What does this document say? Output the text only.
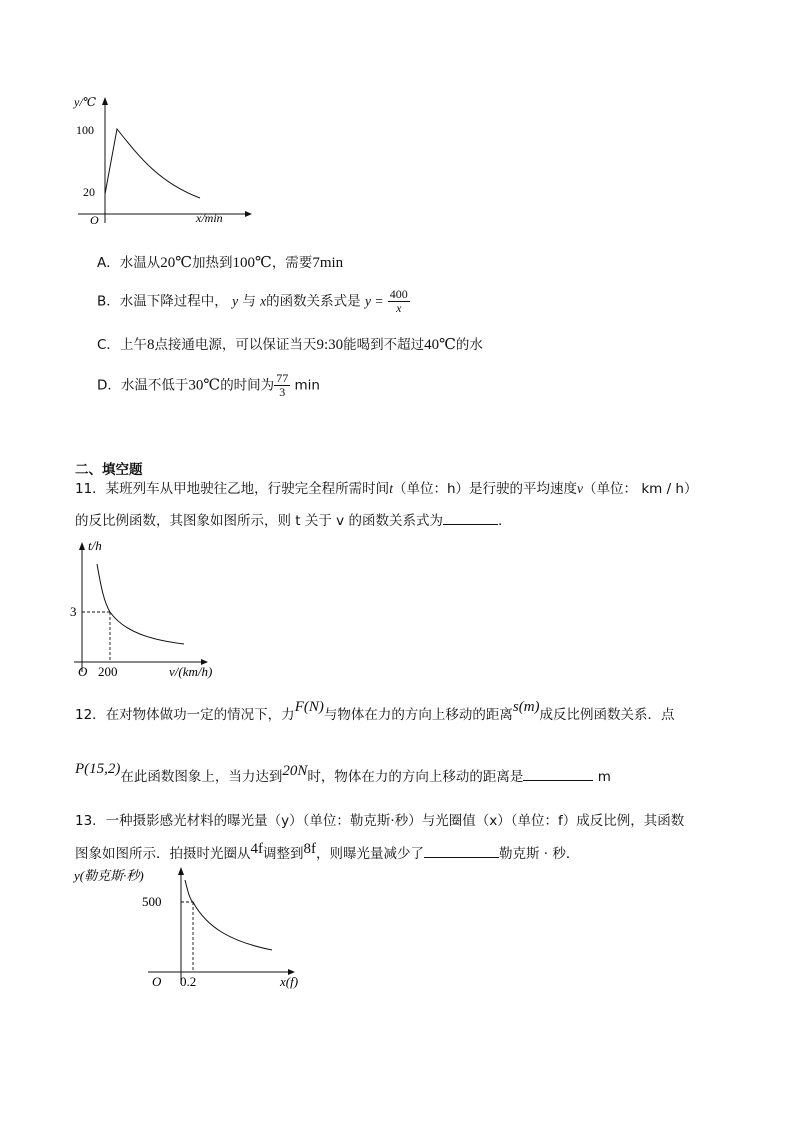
y/℃
100
20
O	x/min
A．水温从20℃加热到100℃，需要7min
B．水温下降过程中， y 与 x的函数关系式是 $y = \frac{400}{x}$
C．上午8点接通电源，可以保证当天9:30能喝到不超过40℃的水
D．水温不低于30℃的时间为 $\frac{77}{3}$ min
二、填空题
11．某班列车从甲地驶往乙地，行驶完全程所需时间t（单位：h）是行驶的平均速度v（单位： km / h）
的反比例函数，其图象如图所示，则 t 关于 v 的函数关系式为	.
t/h
3
O 200	v/(km/h)
12．在对物体做功一定的情况下，力F(N)与物体在力的方向上移动的距离s(m)成反比例函数关系．点
P(15,2)在此函数图象上，当力达到20N时，物体在力的方向上移动的距离是	m
13．一种摄影感光材料的曝光量（y）（单位：勒克斯·秒）与光圈值（x）（单位：f）成反比例，其函数
图象如图所示．拍摄时光圈从4f调整到8f，则曝光量减少了	勒克斯 · 秒．
y(勒克斯·秒)
500
O 0.2	x(f)
